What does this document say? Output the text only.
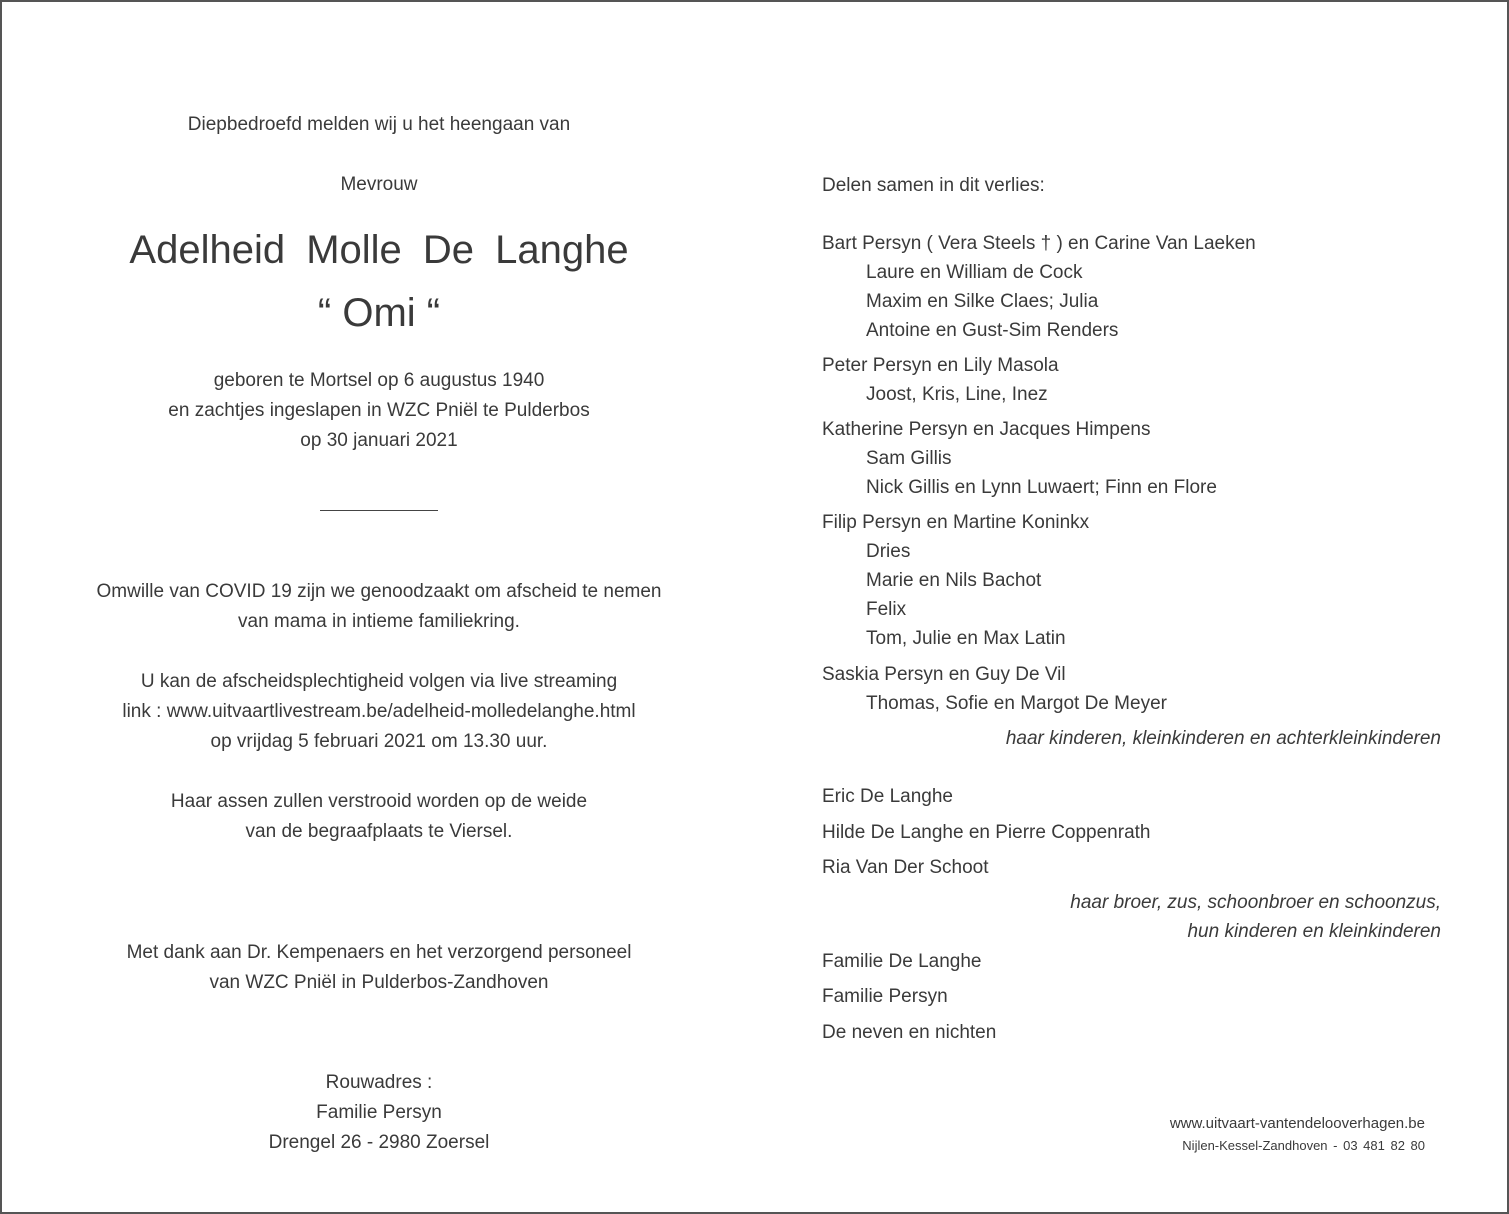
Diepbedroefd melden wij u het heengaan van
Mevrouw
Adelheid Molle De Langhe
“ Omi “
geboren te Mortsel op 6 augustus 1940
en zachtjes ingeslapen in WZC Pniël te Pulderbos
op 30 januari 2021
Omwille van COVID 19 zijn we genoodzaakt om afscheid te nemen
van mama in intieme familiekring.
U kan de afscheidsplechtigheid volgen via live streaming
link : www.uitvaartlivestream.be/adelheid-molledelanghe.html
op vrijdag 5 februari 2021 om 13.30 uur.
Haar assen zullen verstrooid worden op de weide
van de begraafplaats te Viersel.
Met dank aan Dr. Kempenaers en het verzorgend personeel
van WZC Pniël in Pulderbos-Zandhoven
Rouwadres :
Familie Persyn
Drengel 26 - 2980 Zoersel
Delen samen in dit verlies:
Bart Persyn ( Vera Steels † ) en Carine Van Laeken
Laure en William de Cock
Maxim en Silke Claes; Julia
Antoine en Gust-Sim Renders
Peter Persyn en Lily Masola
Joost, Kris, Line, Inez
Katherine Persyn en Jacques Himpens
Sam Gillis
Nick Gillis en Lynn Luwaert; Finn en Flore
Filip Persyn en Martine Koninkx
Dries
Marie en Nils Bachot
Felix
Tom, Julie en Max Latin
Saskia Persyn en Guy De Vil
Thomas, Sofie en Margot De Meyer
haar kinderen, kleinkinderen en achterkleinkinderen
Eric De Langhe
Hilde De Langhe en Pierre Coppenrath
Ria Van Der Schoot
haar broer, zus, schoonbroer en schoonzus,
hun kinderen en kleinkinderen
Familie De Langhe
Familie Persyn
De neven en nichten
www.uitvaart-vantendelooverhagen.be
Nijlen-Kessel-Zandhoven - 03 481 82 80
